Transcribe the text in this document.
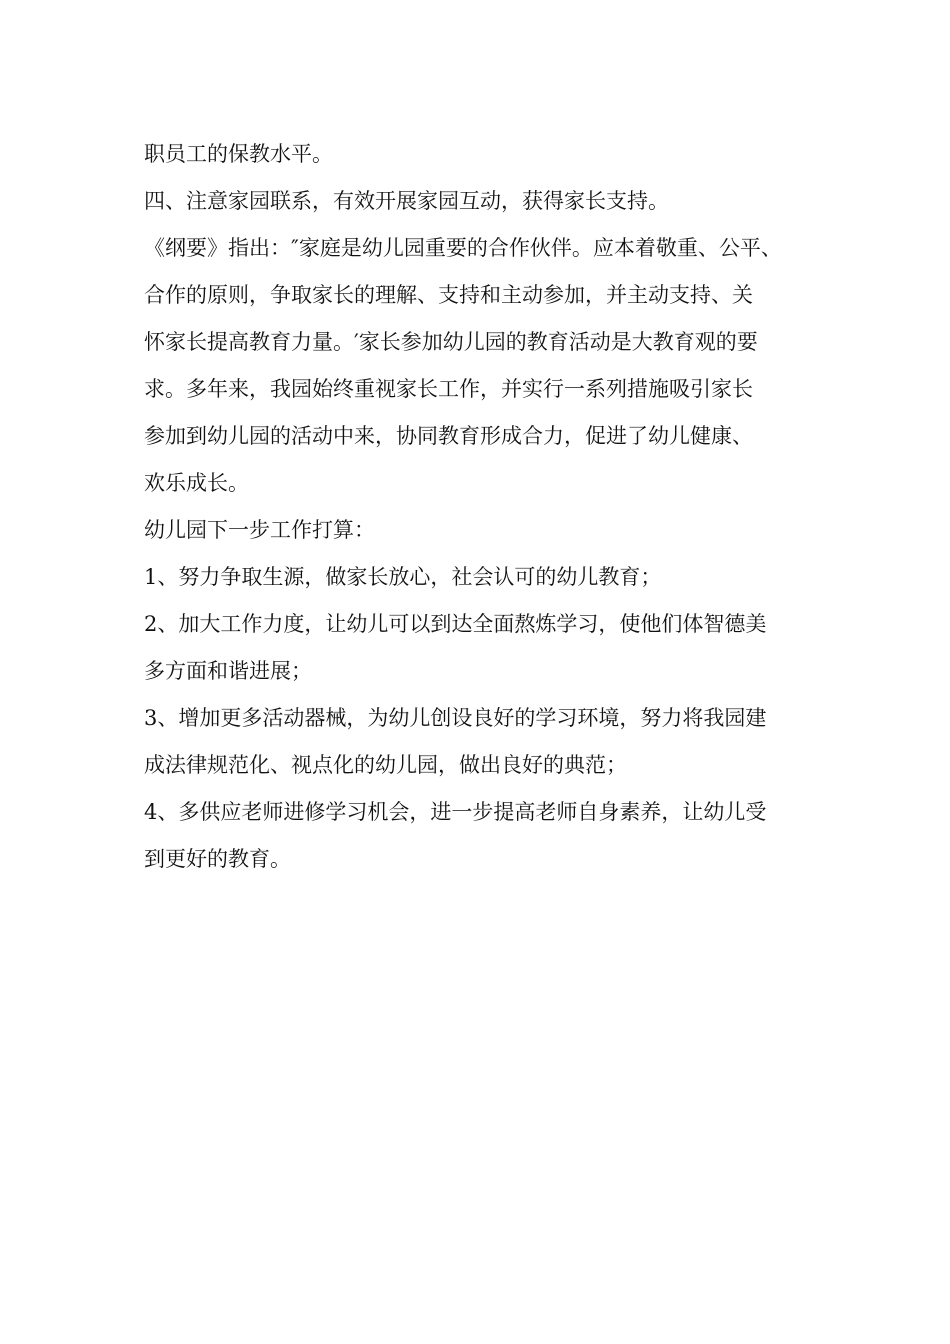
职员工的保教水平。

四、注意家园联系，有效开展家园互动，获得家长支持。

《纲要》指出：″家庭是幼儿园重要的合作伙伴。应本着敬重、公平、

合作的原则，争取家长的理解、支持和主动参加，并主动支持、关

怀家长提高教育力量。′家长参加幼儿园的教育活动是大教育观的要

求。多年来，我园始终重视家长工作，并实行一系列措施吸引家长

参加到幼儿园的活动中来，协同教育形成合力，促进了幼儿健康、

欢乐成长。

幼儿园下一步工作打算：

1、努力争取生源，做家长放心，社会认可的幼儿教育；

2、加大工作力度，让幼儿可以到达全面熬炼学习，使他们体智德美

多方面和谐进展；

3、增加更多活动器械，为幼儿创设良好的学习环境，努力将我园建

成法律规范化、视点化的幼儿园，做出良好的典范；

4、多供应老师进修学习机会，进一步提高老师自身素养，让幼儿受

到更好的教育。
